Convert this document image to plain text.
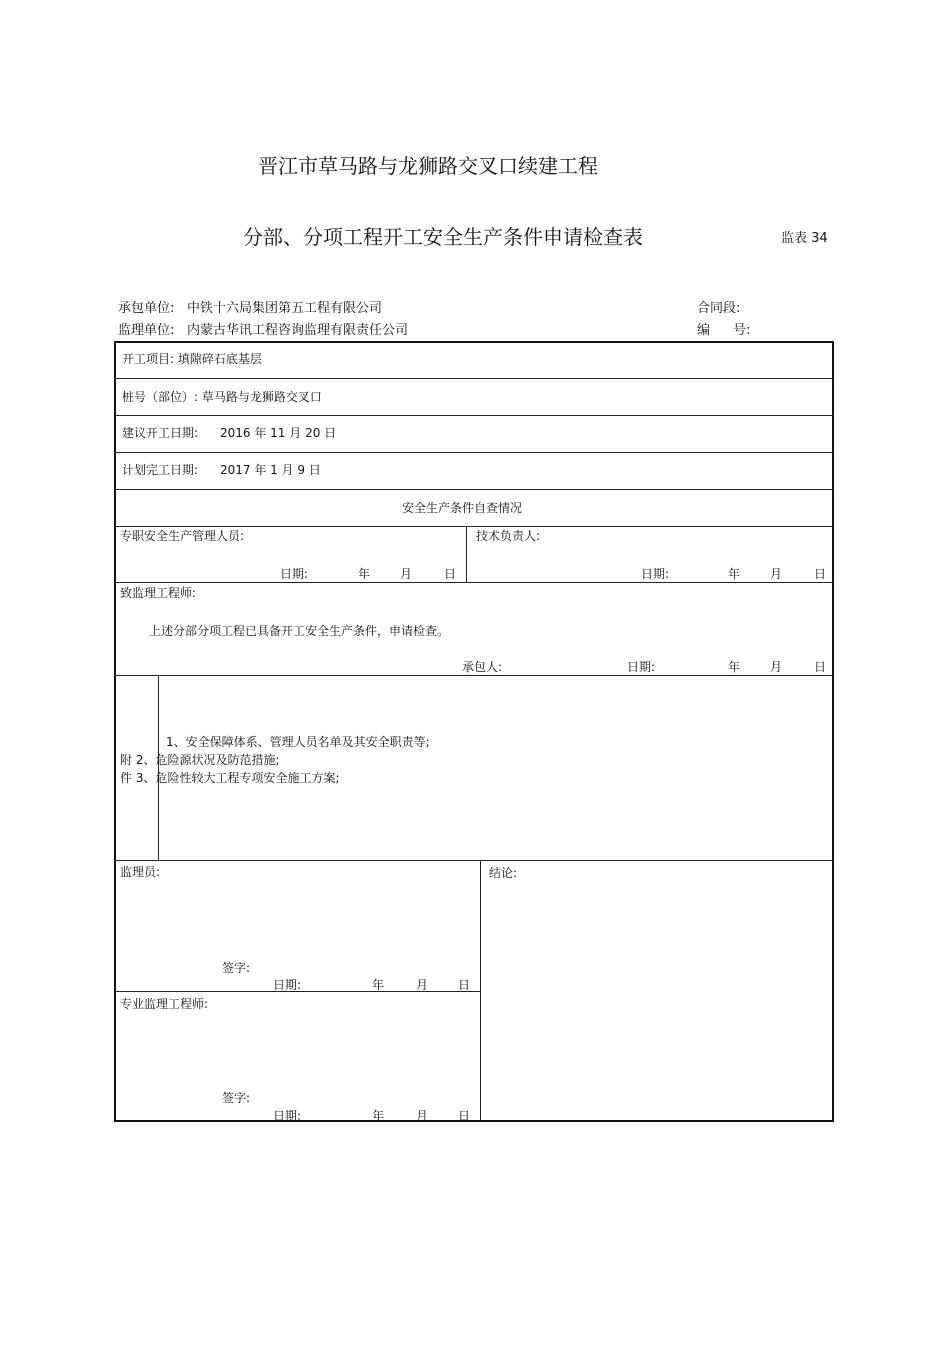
晋江市草马路与龙狮路交叉口续建工程
分部、分项工程开工安全生产条件申请检查表	监表 34
承包单位: 中铁十六局集团第五工程有限公司
监理单位: 内蒙古华讯工程咨询监理有限责任公司
合同段:
编 号:
开工项目: 填隙碎石底基层
桩号（部位）: 草马路与龙狮路交叉口
建议开工日期: 2016 年 11 月 20 日
计划完工日期: 2017 年 1 月 9 日
安全生产条件自查情况
专职安全生产管理人员:
日期:	年 月	日
技术负责人:
日期:	年 月	日
致监理工程师:
上述分部分项工程已具备开工安全生产条件，申请检查。
承包人:	日期:	年 月	日
1、安全保障体系、管理人员名单及其安全职责等;
附 2、危险源状况及防范措施;
件 3、危险性较大工程专项安全施工方案;
监理员:	结论:
签字:
日期:	年	月 日
专业监理工程师:
签字:
日期:	年	月 日
